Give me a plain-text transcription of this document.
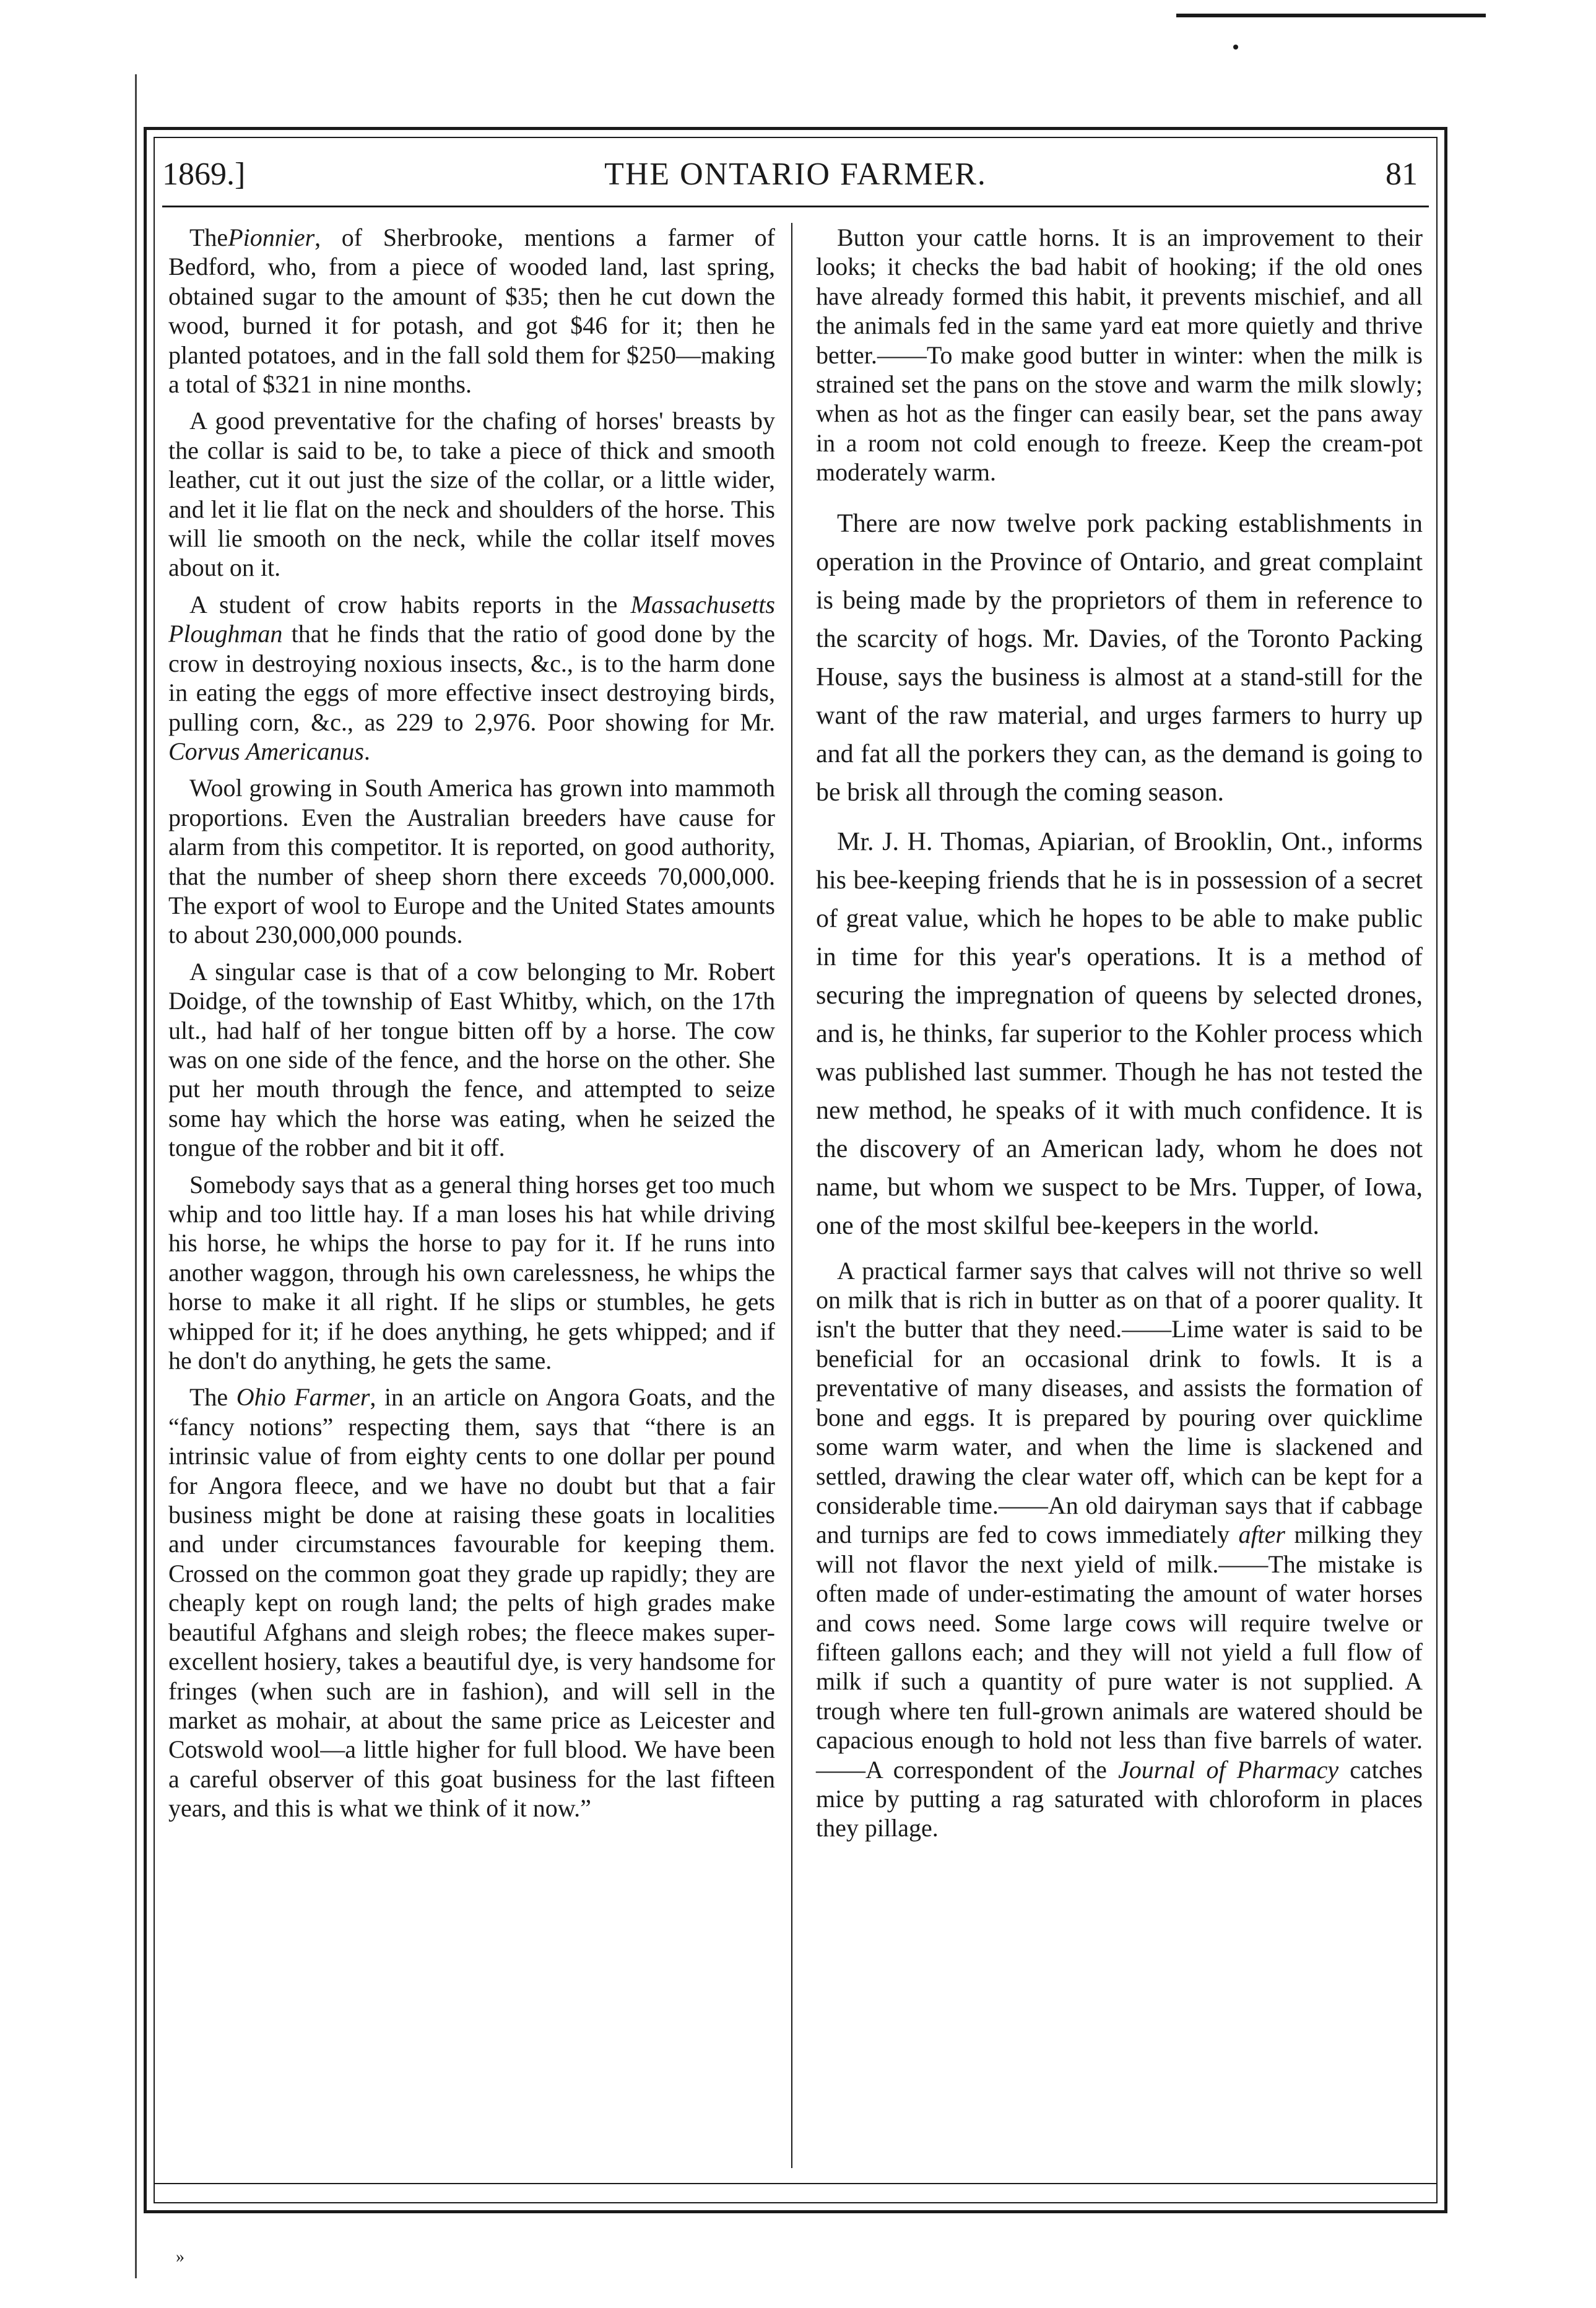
1869.]	THE ONTARIO FARMER.	81

ThePionnier, of Sherbrooke, mentions a farmer of Bedford, who, from a piece of wooded land, last spring, obtained sugar to the amount of $35; then he cut down the wood, burned it for potash, and got $46 for it; then he planted potatoes, and in the fall sold them for $250—making a total of $321 in nine months.

A good preventative for the chafing of horses' breasts by the collar is said to be, to take a piece of thick and smooth leather, cut it out just the size of the collar, or a little wider, and let it lie flat on the neck and shoulders of the horse. This will lie smooth on the neck, while the collar itself moves about on it.

A student of crow habits reports in the Massachusetts Ploughman that he finds that the ratio of good done by the crow in destroying noxious insects, &c., is to the harm done in eating the eggs of more effective insect destroying birds, pulling corn, &c., as 229 to 2,976. Poor showing for Mr. Corvus Americanus.

Wool growing in South America has grown into mammoth proportions. Even the Australian breeders have cause for alarm from this competitor. It is reported, on good authority, that the number of sheep shorn there exceeds 70,000,000. The export of wool to Europe and the United States amounts to about 230,000,000 pounds.

A singular case is that of a cow belonging to Mr. Robert Doidge, of the township of East Whitby, which, on the 17th ult., had half of her tongue bitten off by a horse. The cow was on one side of the fence, and the horse on the other. She put her mouth through the fence, and attempted to seize some hay which the horse was eating, when he seized the tongue of the robber and bit it off.

Somebody says that as a general thing horses get too much whip and too little hay. If a man loses his hat while driving his horse, he whips the horse to pay for it. If he runs into another waggon, through his own carelessness, he whips the horse to make it all right. If he slips or stumbles, he gets whipped for it; if he does anything, he gets whipped; and if he don't do anything, he gets the same.

The Ohio Farmer, in an article on Angora Goats, and the “fancy notions” respecting them, says that “there is an intrinsic value of from eighty cents to one dollar per pound for Angora fleece, and we have no doubt but that a fair business might be done at raising these goats in localities and under circumstances favourable for keeping them. Crossed on the common goat they grade up rapidly; they are cheaply kept on rough land; the pelts of high grades make beautiful Afghans and sleigh robes; the fleece makes super-excellent hosiery, takes a beautiful dye, is very handsome for fringes (when such are in fashion), and will sell in the market as mohair, at about the same price as Leicester and Cotswold wool—a little higher for full blood. We have been a careful observer of this goat business for the last fifteen years, and this is what we think of it now.”

Button your cattle horns. It is an improvement to their looks; it checks the bad habit of hooking; if the old ones have already formed this habit, it prevents mischief, and all the animals fed in the same yard eat more quietly and thrive better.——To make good butter in winter: when the milk is strained set the pans on the stove and warm the milk slowly; when as hot as the finger can easily bear, set the pans away in a room not cold enough to freeze. Keep the cream-pot moderately warm.

There are now twelve pork packing establishments in operation in the Province of Ontario, and great complaint is being made by the proprietors of them in reference to the scarcity of hogs. Mr. Davies, of the Toronto Packing House, says the business is almost at a stand-still for the want of the raw material, and urges farmers to hurry up and fat all the porkers they can, as the demand is going to be brisk all through the coming season.

Mr. J. H. Thomas, Apiarian, of Brooklin, Ont., informs his bee-keeping friends that he is in possession of a secret of great value, which he hopes to be able to make public in time for this year's operations. It is a method of securing the impregnation of queens by selected drones, and is, he thinks, far superior to the Kohler process which was published last summer. Though he has not tested the new method, he speaks of it with much confidence. It is the discovery of an American lady, whom he does not name, but whom we suspect to be Mrs. Tupper, of Iowa, one of the most skilful bee-keepers in the world.

A practical farmer says that calves will not thrive so well on milk that is rich in butter as on that of a poorer quality. It isn't the butter that they need.——Lime water is said to be beneficial for an occasional drink to fowls. It is a preventative of many diseases, and assists the formation of bone and eggs. It is prepared by pouring over quicklime some warm water, and when the lime is slackened and settled, drawing the clear water off, which can be kept for a considerable time.——An old dairyman says that if cabbage and turnips are fed to cows immediately after milking they will not flavor the next yield of milk.——The mistake is often made of under-estimating the amount of water horses and cows need. Some large cows will require twelve or fifteen gallons each; and they will not yield a full flow of milk if such a quantity of pure water is not supplied. A trough where ten full-grown animals are watered should be capacious enough to hold not less than five barrels of water.——A correspondent of the Journal of Pharmacy catches mice by putting a rag saturated with chloroform in places they pillage.

»
